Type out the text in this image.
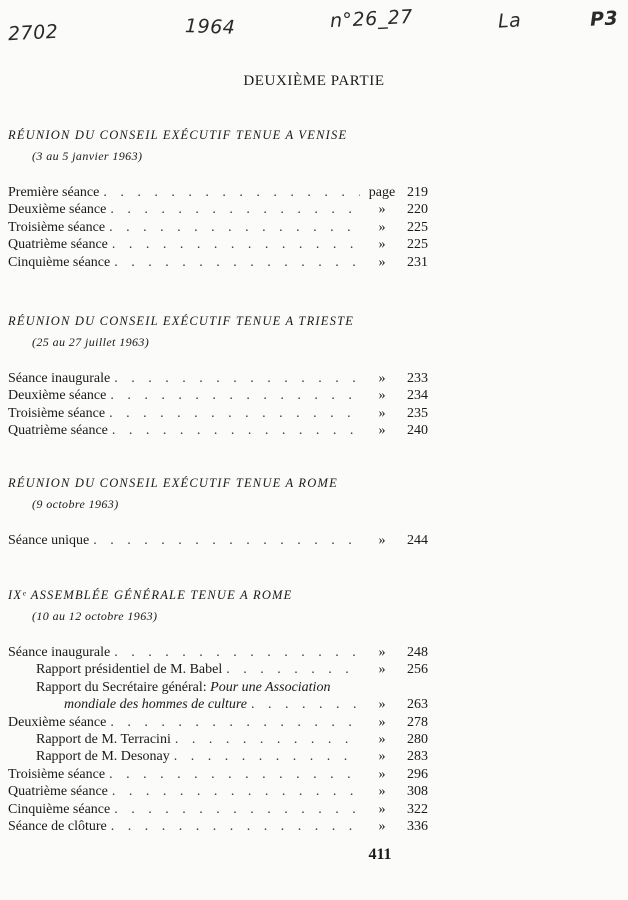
2702	1964	n°26_27	La	P3
DEUXIÈME PARTIE
RÉUNION DU CONSEIL EXÉCUTIF TENUE A VENISE
(3 au 5 janvier 1963)
Première séance . . .	page 219
Deuxième séance . . .	»	220
Troisième séance . . .	»	225
Quatrième séance . . .	»	225
Cinquième séance . . .	»	231
RÉUNION DU CONSEIL EXÉCUTIF TENUE A TRIESTE
(25 au 27 juillet 1963)
Séance inaugurale . . .	»	233
Deuxième séance . . .	»	234
Troisième séance . . .	»	235
Quatrième séance . . .	»	240
RÉUNION DU CONSEIL EXÉCUTIF TENUE A ROME
(9 octobre 1963)
Séance unique . . .	»	244
IXᵉ ASSEMBLÉE GÉNÉRALE TENUE A ROME
(10 au 12 octobre 1963)
Séance inaugurale . . .	»	248
Rapport présidentiel de M. Babel . . .	»	256
Rapport du Secrétaire général: Pour une Association
mondiale des hommes de culture . . .	»	263
Deuxième séance . . .	»	278
Rapport de M. Terracini . . .	»	280
Rapport de M. Desonay . . .	»	283
Troisième séance . . .	»	296
Quatrième séance . . .	»	308
Cinquième séance . . .	»	322
Séance de clôture . . .	»	336
411
